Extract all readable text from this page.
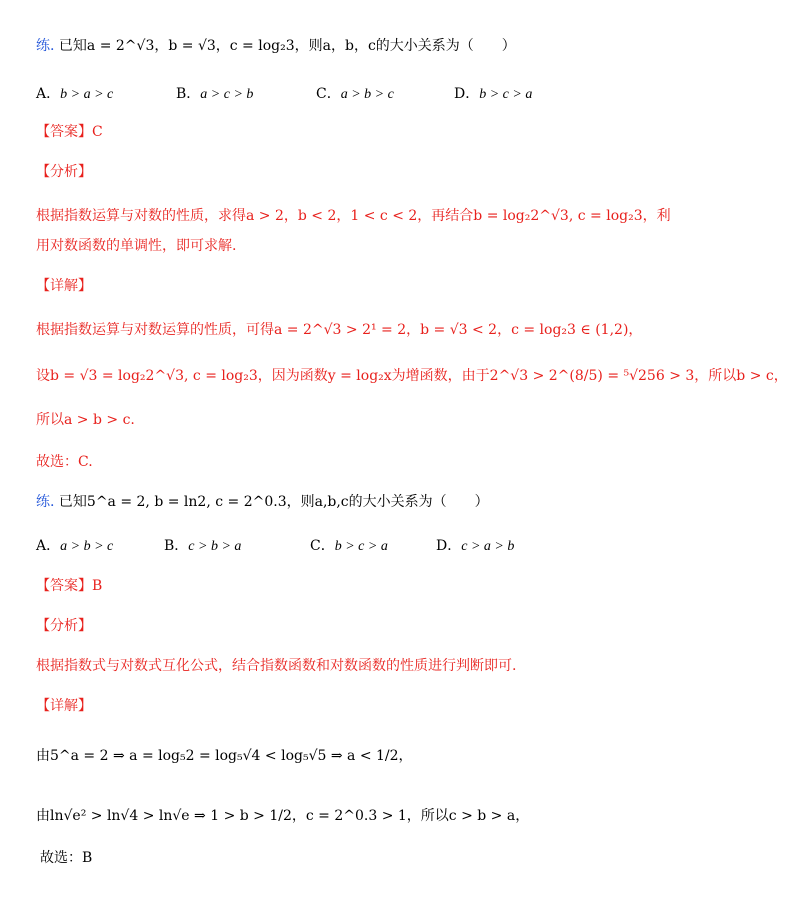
练. 已知a = 2^√3，b = √3，c = log₂3，则a，b，c的大小关系为（　　）
A．b > a > c	B．a > c > b	C．a > b > c	D．b > c > a
【答案】C
【分析】
根据指数运算与对数的性质，求得a > 2，b < 2，1 < c < 2，再结合b = log₂2^√3, c = log₂3，利
用对数函数的单调性，即可求解.
【详解】
根据指数运算与对数运算的性质，可得a = 2^√3 > 2¹ = 2，b = √3 < 2，c = log₂3 ∈ (1,2)，
设b = √3 = log₂2^√3, c = log₂3，因为函数y = log₂x为增函数，由于2^√3 > 2^(8/5) = ⁵√256 > 3，所以b > c，
所以a > b > c.
故选：C.
练. 已知5^a = 2, b = ln2, c = 2^0.3，则a,b,c的大小关系为（　　）
A．a > b > c	B．c > b > a	C．b > c > a	D．c > a > b
【答案】B
【分析】
根据指数式与对数式互化公式，结合指数函数和对数函数的性质进行判断即可.
【详解】
由5^a = 2 ⇒ a = log₅2 = log₅√4 < log₅√5 ⇒ a < 1/2，
由ln√e² > ln√4 > ln√e ⇒ 1 > b > 1/2，c = 2^0.3 > 1，所以c > b > a，
故选：B
